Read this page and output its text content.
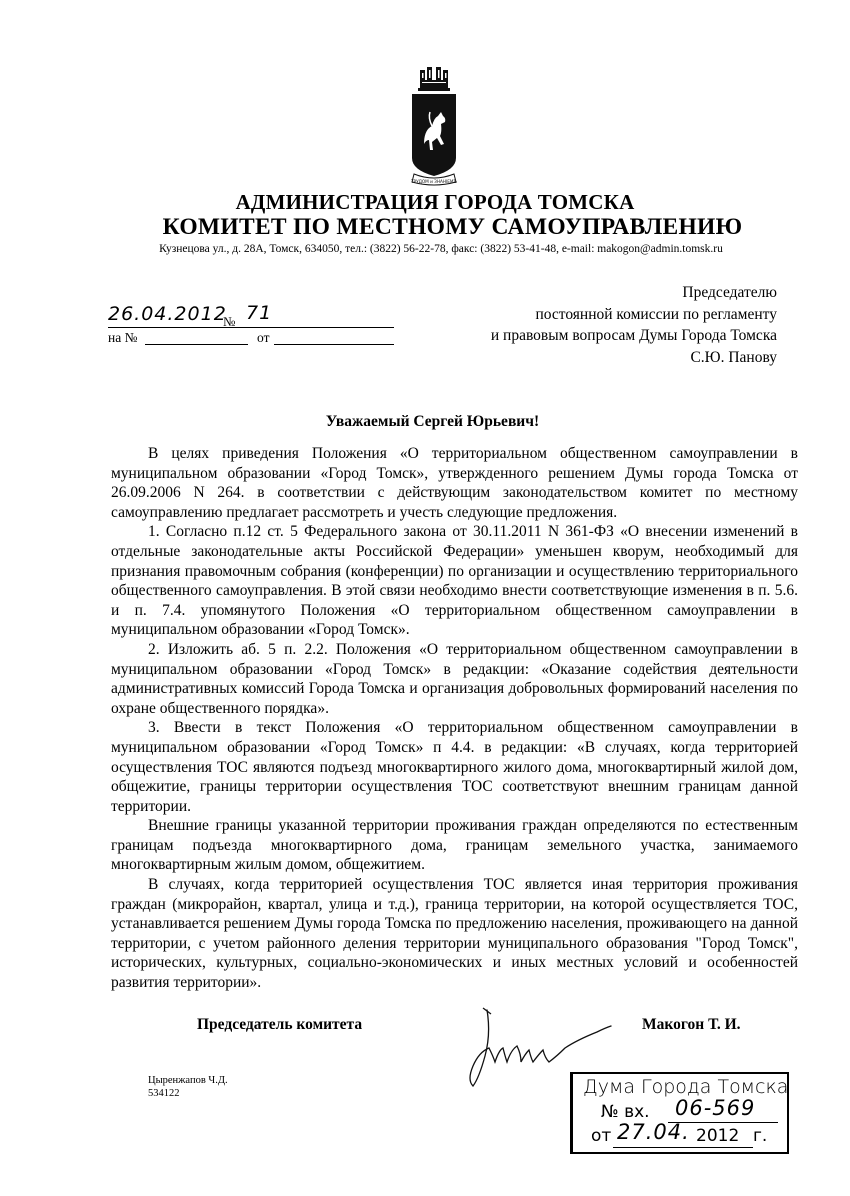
ТРУДОМ и ЗНАНІЕМЪ
АДМИНИСТРАЦИЯ ГОРОДА ТОМСКА
КОМИТЕТ ПО МЕСТНОМУ САМОУПРАВЛЕНИЮ
Кузнецова ул., д. 28А, Томск, 634050, тел.: (3822) 56-22-78, факс: (3822) 53-41-48, e-mail: makogon@admin.tomsk.ru
26.04.2012
№ 71
на №	от
Председателю
постоянной комиссии по регламенту
и правовым вопросам Думы Города Томска
С.Ю. Панову
Уважаемый Сергей Юрьевич!

В целях приведения Положения «О территориальном общественном самоуправлении в муниципальном образовании «Город Томск», утвержденного решением Думы города Томска от 26.09.2006 N 264. в соответствии с действующим законодательством комитет по местному самоуправлению предлагает рассмотреть и учесть следующие предложения.

1. Согласно п.12 ст. 5 Федерального закона от 30.11.2011 N 361-ФЗ «О внесении изменений в отдельные законодательные акты Российской Федерации» уменьшен кворум, необходимый для признания правомочным собрания (конференции) по организации и осуществлению территориального общественного самоуправления. В этой связи необходимо внести соответствующие изменения в п. 5.6. и п. 7.4. упомянутого Положения «О территориальном общественном самоуправлении в муниципальном образовании «Город Томск».

2. Изложить аб. 5 п. 2.2. Положения «О территориальном общественном самоуправлении в муниципальном образовании «Город Томск» в редакции: «Оказание содействия деятельности административных комиссий Города Томска и организация добровольных формирований населения по охране общественного порядка».

3. Ввести в текст Положения «О территориальном общественном самоуправлении в муниципальном образовании «Город Томск» п 4.4. в редакции: «В случаях, когда территорией осуществления ТОС являются подъезд многоквартирного жилого дома, многоквартирный жилой дом, общежитие, границы территории осуществления ТОС соответствуют внешним границам данной территории.

Внешние границы указанной территории проживания граждан определяются по естественным границам подъезда многоквартирного дома, границам земельного участка, занимаемого многоквартирным жилым домом, общежитием.

В случаях, когда территорией осуществления ТОС является иная территория проживания граждан (микрорайон, квартал, улица и т.д.), граница территории, на которой осуществляется ТОС, устанавливается решением Думы города Томска по предложению населения, проживающего на данной территории, с учетом районного деления территории муниципального образования "Город Томск", исторических, культурных, социально-экономических и иных местных условий и особенностей развития территории».

Председатель комитета	Макогон Т. И.
Цыренжапов Ч.Д.
534122	Дума Города Томска
№ вх. 06-569
от 27.04. 2012 г.
